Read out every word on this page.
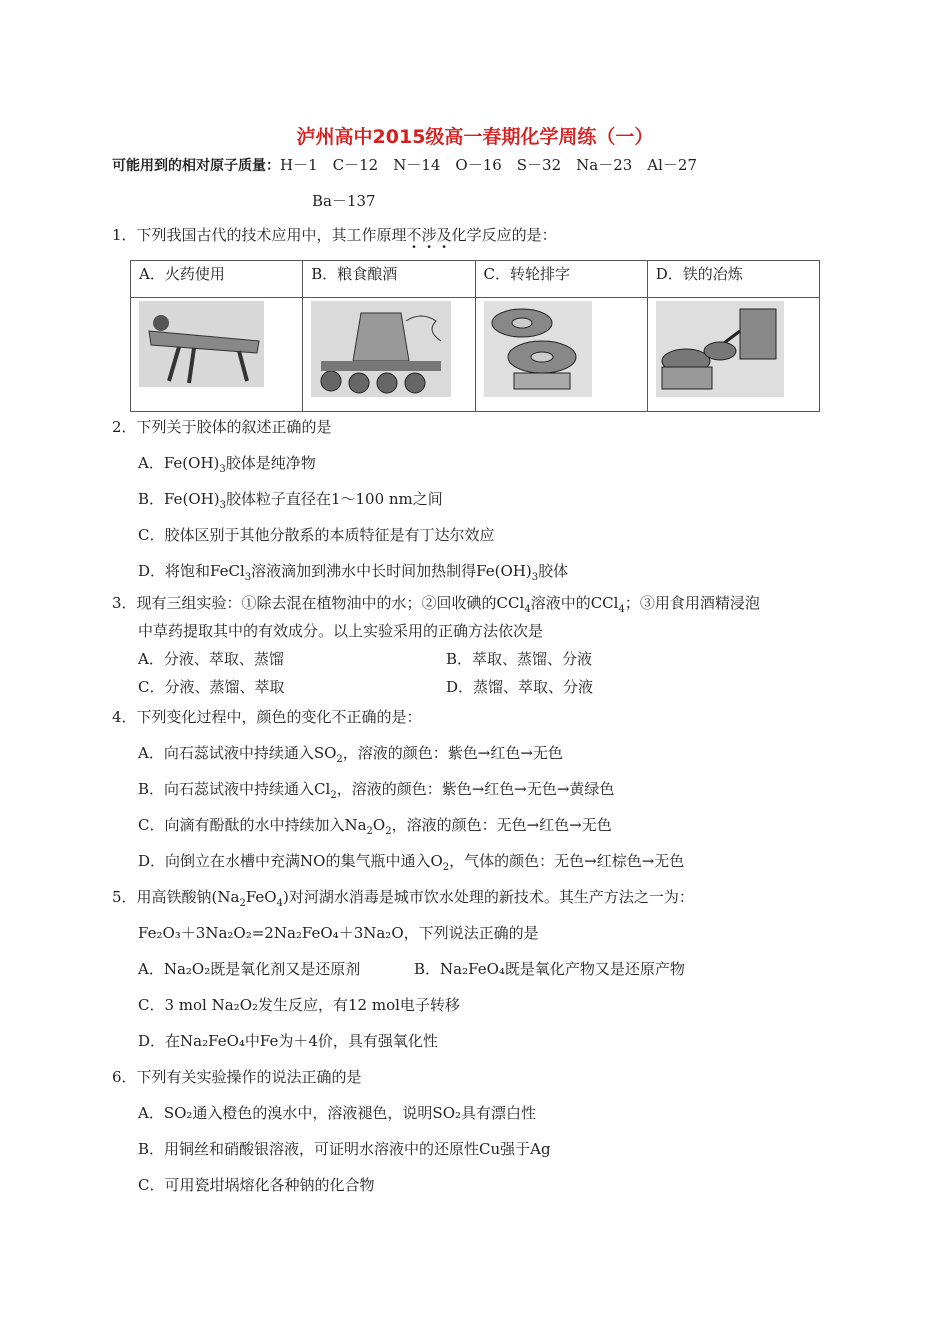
泸州高中2015级高一春期化学周练（一）
可能用到的相对原子质量：H－1　C－12　N－14　O－16　S－32　Na－23　Al－27
Ba－137
1．下列我国古代的技术应用中，其工作原理不涉及化学反应的是：
A．火药使用	B．粮食酿酒	C．转轮排字	D．铁的冶炼

2．下列关于胶体的叙述正确的是
A．$Fe(OH)_3$胶体是纯净物
B．$Fe(OH)_3$胶体粒子直径在1～100 nm之间
C．胶体区别于其他分散系的本质特征是有丁达尔效应
D．将饱和FeCl$_3$溶液滴加到沸水中长时间加热制得$Fe(OH)_3$胶体
3．现有三组实验：①除去混在植物油中的水；②回收碘的CCl$_4$溶液中的CCl$_4$；③用食用酒精浸泡
中草药提取其中的有效成分。以上实验采用的正确方法依次是
A．分液、萃取、蒸馏	B．萃取、蒸馏、分液
C．分液、蒸馏、萃取	D．蒸馏、萃取、分液
4．下列变化过程中，颜色的变化不正确的是：
A．向石蕊试液中持续通入$SO_2$，溶液的颜色：紫色→红色→无色
B．向石蕊试液中持续通入$Cl_2$，溶液的颜色：紫色→红色→无色→黄绿色
C．向滴有酚酞的水中持续加入$Na_2O_2$，溶液的颜色：无色→红色→无色
D．向倒立在水槽中充满NO的集气瓶中通入$O_2$，气体的颜色：无色→红棕色→无色
5．用高铁酸钠$(Na_2FeO_4)$对河湖水消毒是城市饮水处理的新技术。其生产方法之一为：
Fe₂O₃＋3Na₂O₂=2Na₂FeO₄＋3Na₂O，下列说法正确的是
A．Na₂O₂既是氧化剂又是还原剂	B．Na₂FeO₄既是氧化产物又是还原产物
C．3 mol Na₂O₂发生反应，有12 mol电子转移
D．在Na₂FeO₄中Fe为＋4价，具有强氧化性
6．下列有关实验操作的说法正确的是
A．SO₂通入橙色的溴水中，溶液褪色，说明SO₂具有漂白性
B．用铜丝和硝酸银溶液，可证明水溶液中的还原性Cu强于Ag
C．可用瓷坩埚熔化各种钠的化合物
